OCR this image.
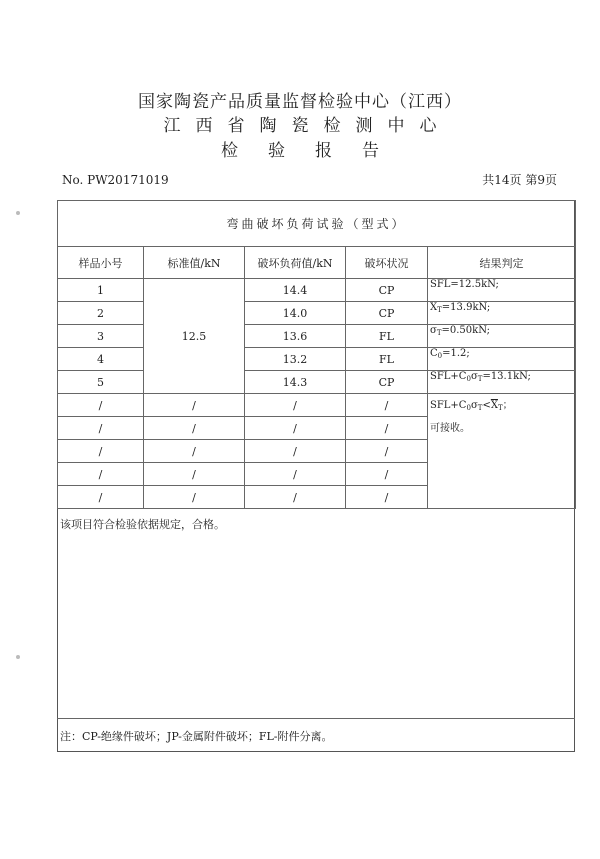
国家陶瓷产品质量监督检验中心（江西）
江西省陶瓷检测中心
检验报告
No. PW20171019	共14页 第9页
弯曲破坏负荷试验（型式）				
样品小号	标准值/kN	破坏负荷值/kN	破坏状况	结果判定
1	12.5	14.4	CP	SFL=12.5kN;
2		14.0	CP	$\overline{X}_T=13.9kN$;
3		13.6	FL	$\sigma_T=0.50kN$;
4		13.2	FL	$C_0=1.2$;
5		14.3	CP	$SFL+C_0\sigma_T=13.1kN$;
/	/	/	/	$SFL+C_0\sigma_T<\overline{X}_T$；
可接收。

/	/	/	/	
/	/	/	/	
/	/	/	/	
/	/	/	/	
该项目符合检验依据规定，合格。
注：CP-绝缘件破坏；JP-金属附件破坏；FL-附件分离。
